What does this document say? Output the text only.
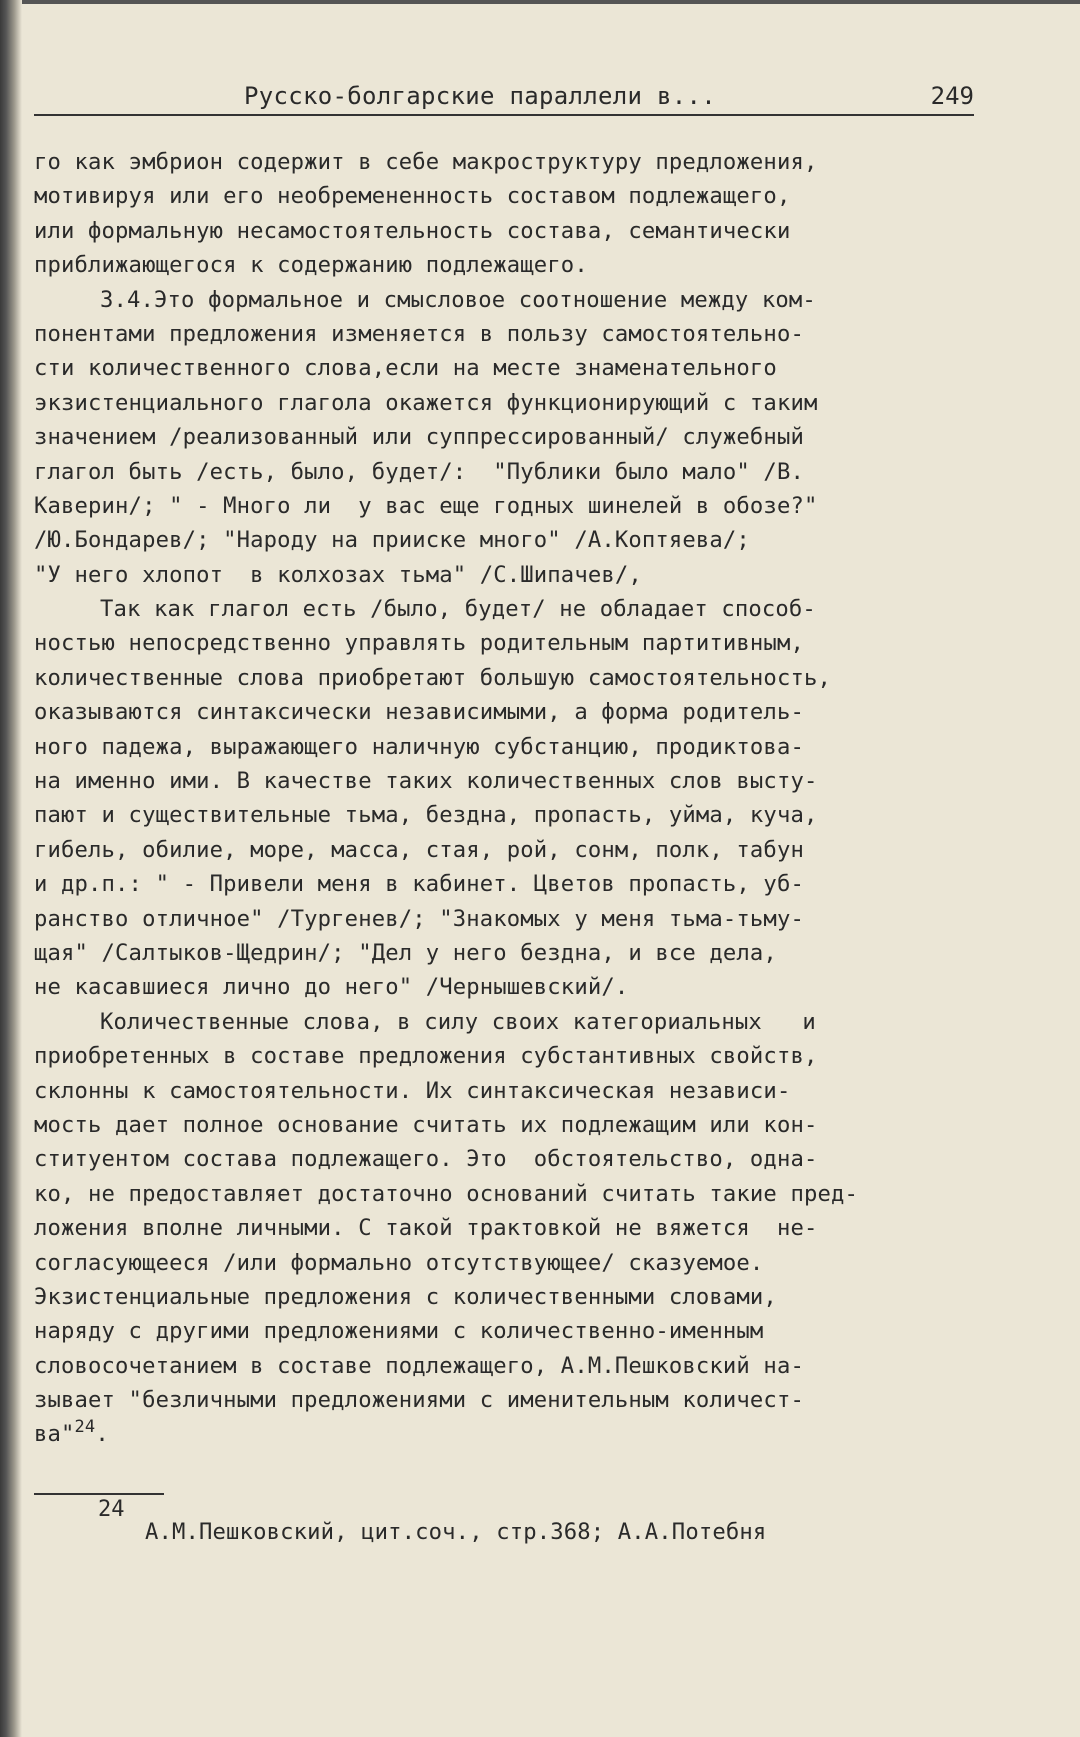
Русско-болгарские параллели в...	249
го как эмбрион содержит в себе макроструктуру предложения,
мотивируя или его необремененность составом подлежащего,
или формальную несамостоятельность состава, семантически
приближающегося к содержанию подлежащего.
3.4.Это формальное и смысловое соотношение между ком-
понентами предложения изменяется в пользу самостоятельно-
сти количественного слова,если на месте знаменательного
экзистенциального глагола окажется функционирующий с таким
значением /реализованный или суппрессированный/ служебный
глагол быть /есть, было, будет/:  "Публики было мало" /В.
Каверин/; " - Много ли  у вас еще годных шинелей в обозе?"
/Ю.Бондарев/; "Народу на прииске много" /А.Коптяева/;
"У него хлопот  в колхозах тьма" /С.Шипачев/,
Так как глагол есть /было, будет/ не обладает способ-
ностью непосредственно управлять родительным партитивным,
количественные слова приобретают большую самостоятельность,
оказываются синтаксически независимыми, а форма родитель-
ного падежа, выражающего наличную субстанцию, продиктова-
на именно ими. В качестве таких количественных слов высту-
пают и существительные тьма, бездна, пропасть, уйма, куча,
гибель, обилие, море, масса, стая, рой, сонм, полк, табун
и др.п.: " - Привели меня в кабинет. Цветов пропасть, уб-
ранство отличное" /Тургенев/; "Знакомых у меня тьма-тьму-
щая" /Салтыков-Щедрин/; "Дел у него бездна, и все дела,
не касавшиеся лично до него" /Чернышевский/.
Количественные слова, в силу своих категориальных   и
приобретенных в составе предложения субстантивных свойств,
склонны к самостоятельности. Их синтаксическая независи-
мость дает полное основание считать их подлежащим или кон-
ституентом состава подлежащего. Это  обстоятельство, одна-
ко, не предоставляет достаточно оснований считать такие пред-
ложения вполне личными. С такой трактовкой не вяжется  не-
согласующееся /или формально отсутствующее/ сказуемое.
Экзистенциальные предложения с количественными словами,
наряду с другими предложениями с количественно-именным
словосочетанием в составе подлежащего, А.М.Пешковский на-
зывает "безличными предложениями с именительным количест-
ва"$^{24}$.
24
А.М.Пешковский, цит.соч., стр.368; А.А.Потебня
